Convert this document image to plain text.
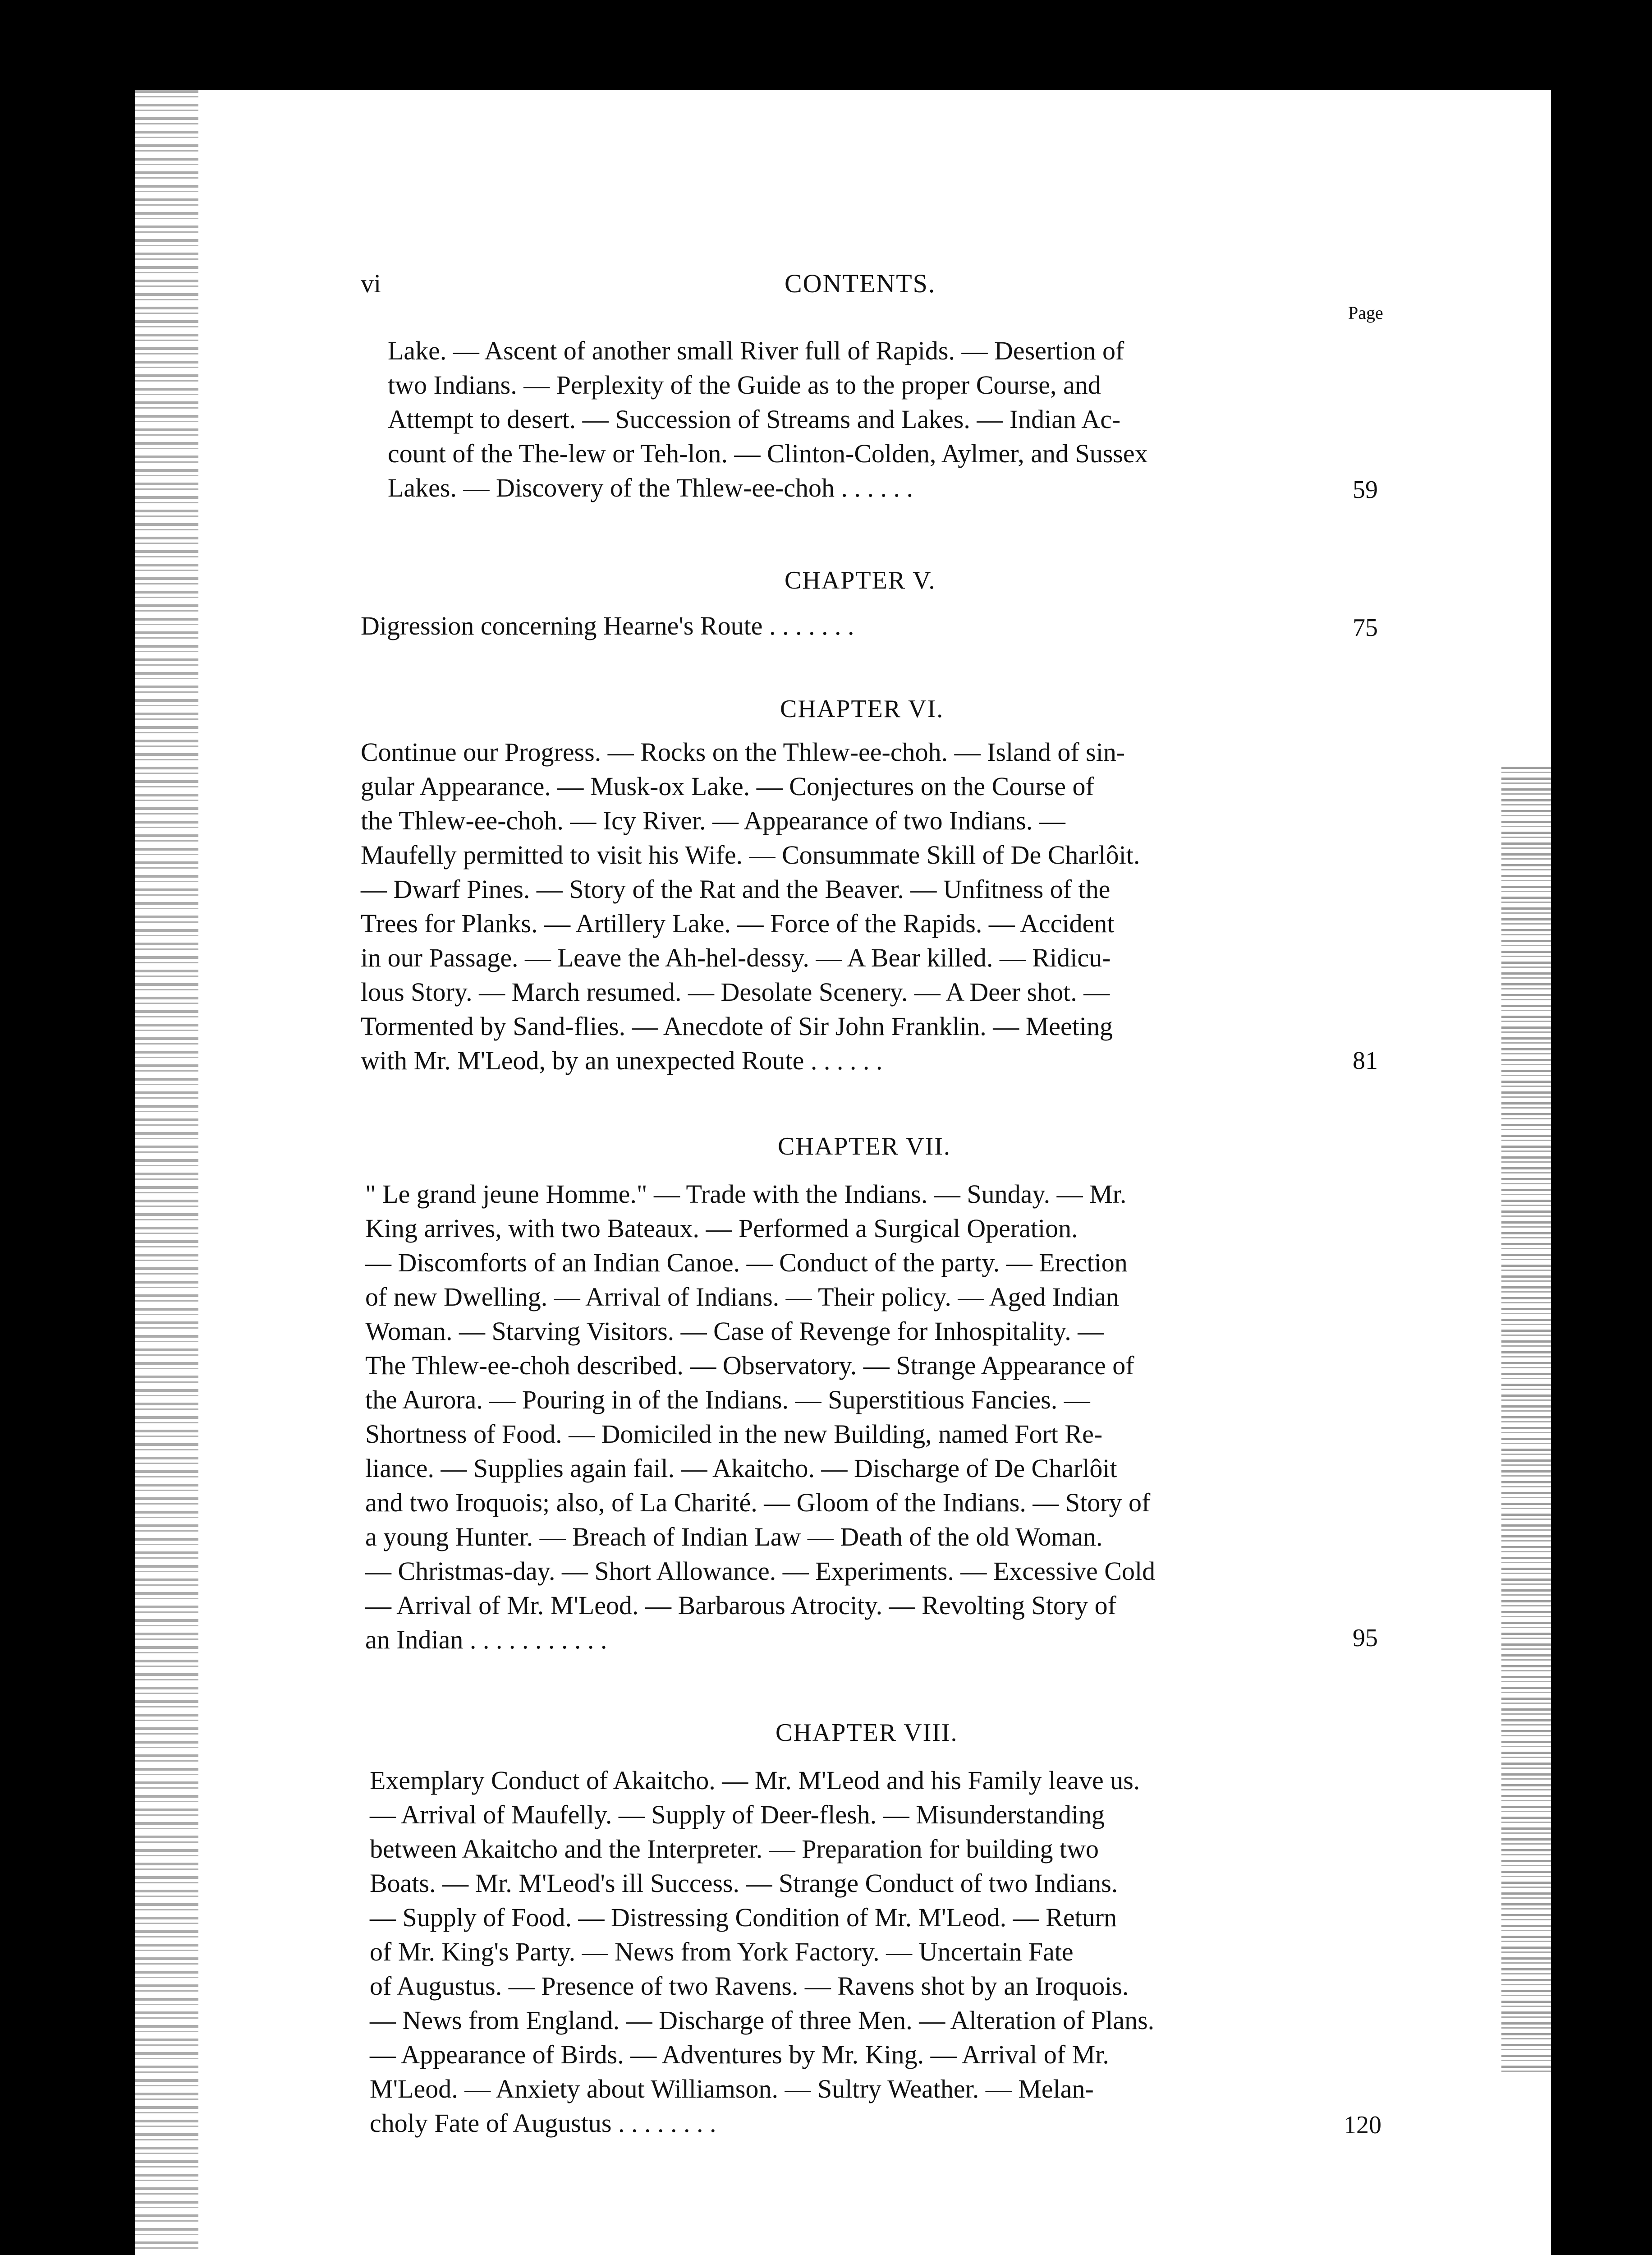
vi	CONTENTS.
Page
Lake. — Ascent of another small River full of Rapids. — Desertion of
two Indians. — Perplexity of the Guide as to the proper Course, and
Attempt to desert. — Succession of Streams and Lakes. — Indian Ac-
count of the The-lew or Teh-lon. — Clinton-Colden, Aylmer, and Sussex
Lakes. — Discovery of the Thlew-ee-choh . . . . . .	59
CHAPTER V.
Digression concerning Hearne's Route . . . . . . .	75
CHAPTER VI.
Continue our Progress. — Rocks on the Thlew-ee-choh. — Island of sin-
gular Appearance. — Musk-ox Lake. — Conjectures on the Course of
the Thlew-ee-choh. — Icy River. — Appearance of two Indians. —
Maufelly permitted to visit his Wife. — Consummate Skill of De Charlôit.
— Dwarf Pines. — Story of the Rat and the Beaver. — Unfitness of the
Trees for Planks. — Artillery Lake. — Force of the Rapids. — Accident
in our Passage. — Leave the Ah-hel-dessy. — A Bear killed. — Ridicu-
lous Story. — March resumed. — Desolate Scenery. — A Deer shot. —
Tormented by Sand-flies. — Anecdote of Sir John Franklin. — Meeting
with Mr. M'Leod, by an unexpected Route . . . . . .	81
CHAPTER VII.
" Le grand jeune Homme." — Trade with the Indians. — Sunday. — Mr.
King arrives, with two Bateaux. — Performed a Surgical Operation.
— Discomforts of an Indian Canoe. — Conduct of the party. — Erection
of new Dwelling. — Arrival of Indians. — Their policy. — Aged Indian
Woman. — Starving Visitors. — Case of Revenge for Inhospitality. —
The Thlew-ee-choh described. — Observatory. — Strange Appearance of
the Aurora. — Pouring in of the Indians. — Superstitious Fancies. —
Shortness of Food. — Domiciled in the new Building, named Fort Re-
liance. — Supplies again fail. — Akaitcho. — Discharge of De Charlôit
and two Iroquois; also, of La Charité. — Gloom of the Indians. — Story of
a young Hunter. — Breach of Indian Law — Death of the old Woman.
— Christmas-day. — Short Allowance. — Experiments. — Excessive Cold
— Arrival of Mr. M'Leod. — Barbarous Atrocity. — Revolting Story of
an Indian . . . . . . . . . . .	95
CHAPTER VIII.
Exemplary Conduct of Akaitcho. — Mr. M'Leod and his Family leave us.
— Arrival of Maufelly. — Supply of Deer-flesh. — Misunderstanding
between Akaitcho and the Interpreter. — Preparation for building two
Boats. — Mr. M'Leod's ill Success. — Strange Conduct of two Indians.
— Supply of Food. — Distressing Condition of Mr. M'Leod. — Return
of Mr. King's Party. — News from York Factory. — Uncertain Fate
of Augustus. — Presence of two Ravens. — Ravens shot by an Iroquois.
— News from England. — Discharge of three Men. — Alteration of Plans.
— Appearance of Birds. — Adventures by Mr. King. — Arrival of Mr.
M'Leod. — Anxiety about Williamson. — Sultry Weather. — Melan-
choly Fate of Augustus . . . . . . . .	120
